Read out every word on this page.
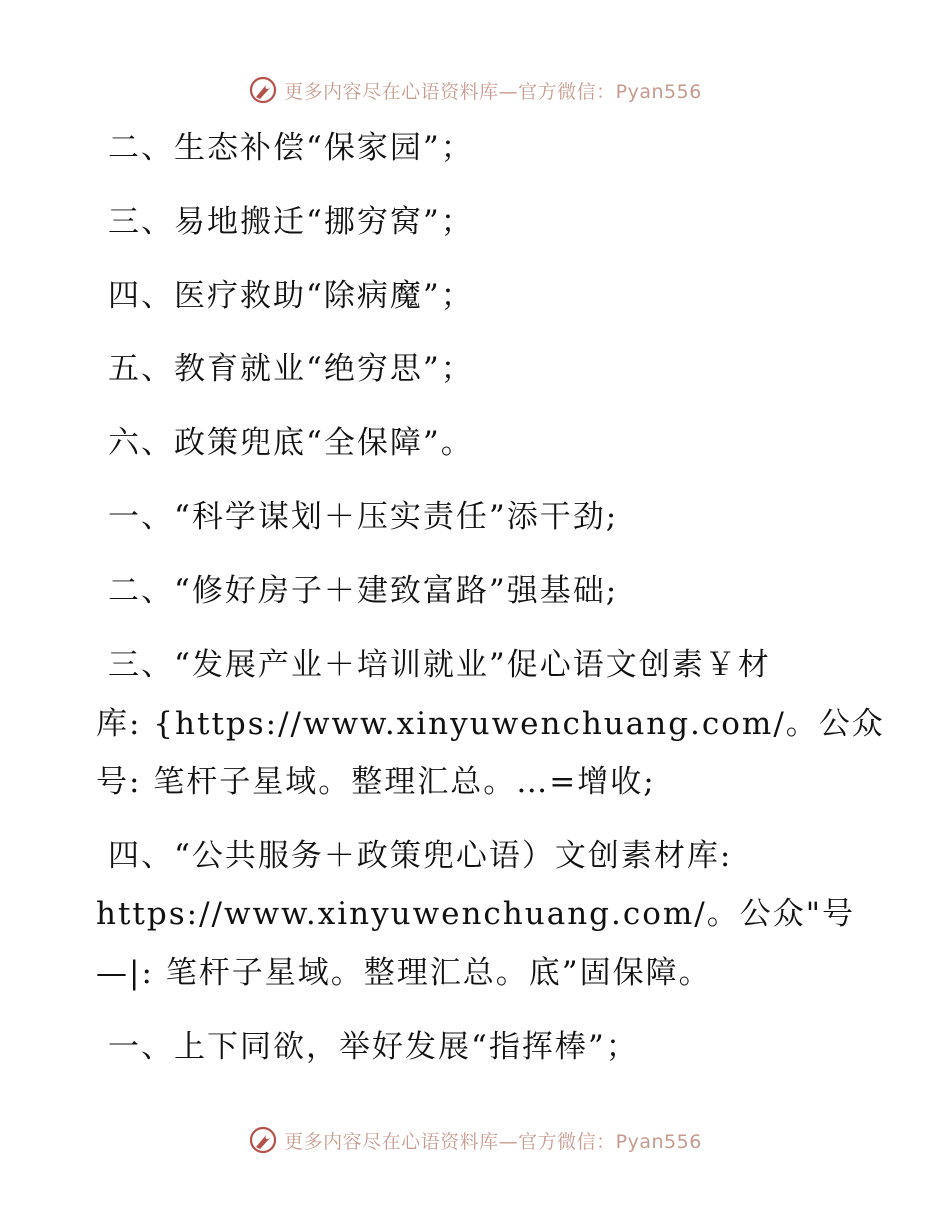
更多内容尽在心语资料库—官方微信：Pyan556
二、生态补偿“保家园”；
三、易地搬迁“挪穷窝”；
四、医疗救助“除病魔”；
五、教育就业“绝穷思”；
六、政策兜底“全保障”。
一、“科学谋划＋压实责任”添干劲;
二、“修好房子＋建致富路”强基础;
三、“发展产业＋培训就业”促心语文创素￥材
库: {https://www.xinyuwenchuang.com/。公众
号: 笔杆子星域。整理汇总。…=增收;
四、“公共服务＋政策兜心语）文创素材库:
https://www.xinyuwenchuang.com/。公众"号
—|: 笔杆子星域。整理汇总。底”固保障。
一、上下同欲，举好发展“指挥棒”；
更多内容尽在心语资料库—官方微信：Pyan556
